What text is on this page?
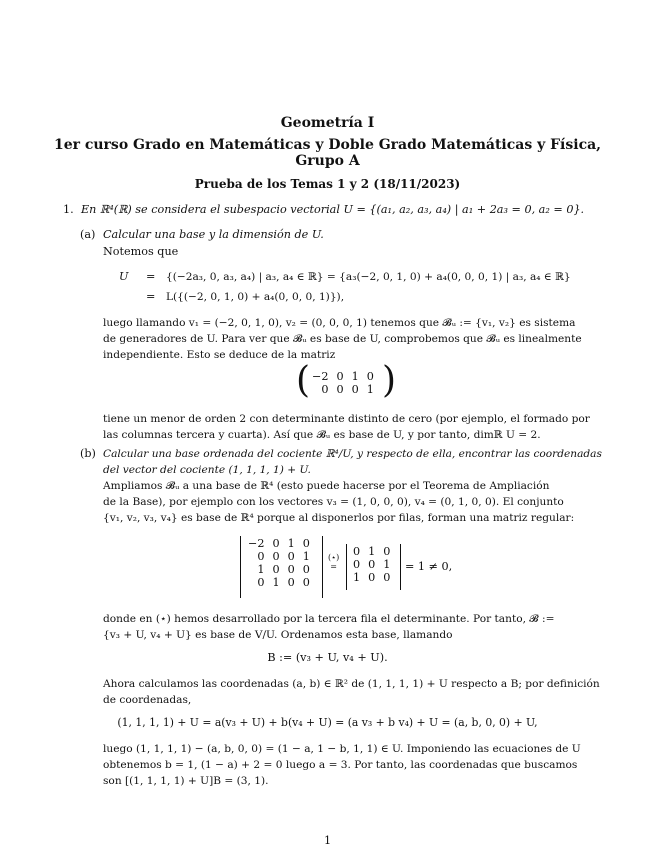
Geometría I
1er curso Grado en Matemáticas y Doble Grado Matemáticas y Física,
Grupo A
Prueba de los Temas 1 y 2 (18/11/2023)
1. En ℝ⁴(ℝ) se considera el subespacio vectorial U = {(a₁, a₂, a₃, a₄) | a₁ + 2a₃ = 0, a₂ = 0}.
(a) Calcular una base y la dimensión de U.
Notemos que
U = {(−2a₃, 0, a₃, a₄) | a₃, a₄ ∈ ℝ} = {a₃(−2, 0, 1, 0) + a₄(0, 0, 0, 1) | a₃, a₄ ∈ ℝ}
= L({(−2, 0, 1, 0) + a₄(0, 0, 0, 1)}),
luego llamando v₁ = (−2, 0, 1, 0), v₂ = (0, 0, 0, 1) tenemos que 𝓑ᵤ := {v₁, v₂} es sistema
de generadores de U. Para ver que 𝓑ᵤ es base de U, comprobemos que 𝓑ᵤ es linealmente
independiente. Esto se deduce de la matriz
( −2	0	1	0
0	0	0	1 )
tiene un menor de orden 2 con determinante distinto de cero (por ejemplo, el formado por
las columnas tercera y cuarta). Así que 𝓑ᵤ es base de U, y por tanto, dimℝ U = 2.
(b) Calcular una base ordenada del cociente ℝ⁴/U, y respecto de ella, encontrar las coordenadas
del vector del cociente (1, 1, 1, 1) + U.
Ampliamos 𝓑ᵤ a una base de ℝ⁴ (esto puede hacerse por el Teorema de Ampliación
de la Base), por ejemplo con los vectores v₃ = (1, 0, 0, 0), v₄ = (0, 1, 0, 0). El conjunto
{v₁, v₂, v₃, v₄} es base de ℝ⁴ porque al disponerlos por filas, forman una matriz regular:
−2	0	1	0
0	0	0	1
1	0	0	0
0	1	0	0
(⋆)
=
0	1	0
0	0	1
1	0	0
= 1 ≠ 0,
donde en (⋆) hemos desarrollado por la tercera fila el determinante. Por tanto, 𝓑 :=
{v₃ + U, v₄ + U} es base de V/U. Ordenamos esta base, llamando
B := (v₃ + U, v₄ + U).
Ahora calculamos las coordenadas (a, b) ∈ ℝ² de (1, 1, 1, 1) + U respecto a B; por definición
de coordenadas,
(1, 1, 1, 1) + U = a(v₃ + U) + b(v₄ + U) = (a v₃ + b v₄) + U = (a, b, 0, 0) + U,
luego (1, 1, 1, 1) − (a, b, 0, 0) = (1 − a, 1 − b, 1, 1) ∈ U. Imponiendo las ecuaciones de U
obtenemos b = 1, (1 − a) + 2 = 0 luego a = 3. Por tanto, las coordenadas que buscamos
son [(1, 1, 1, 1) + U]B = (3, 1).
1
